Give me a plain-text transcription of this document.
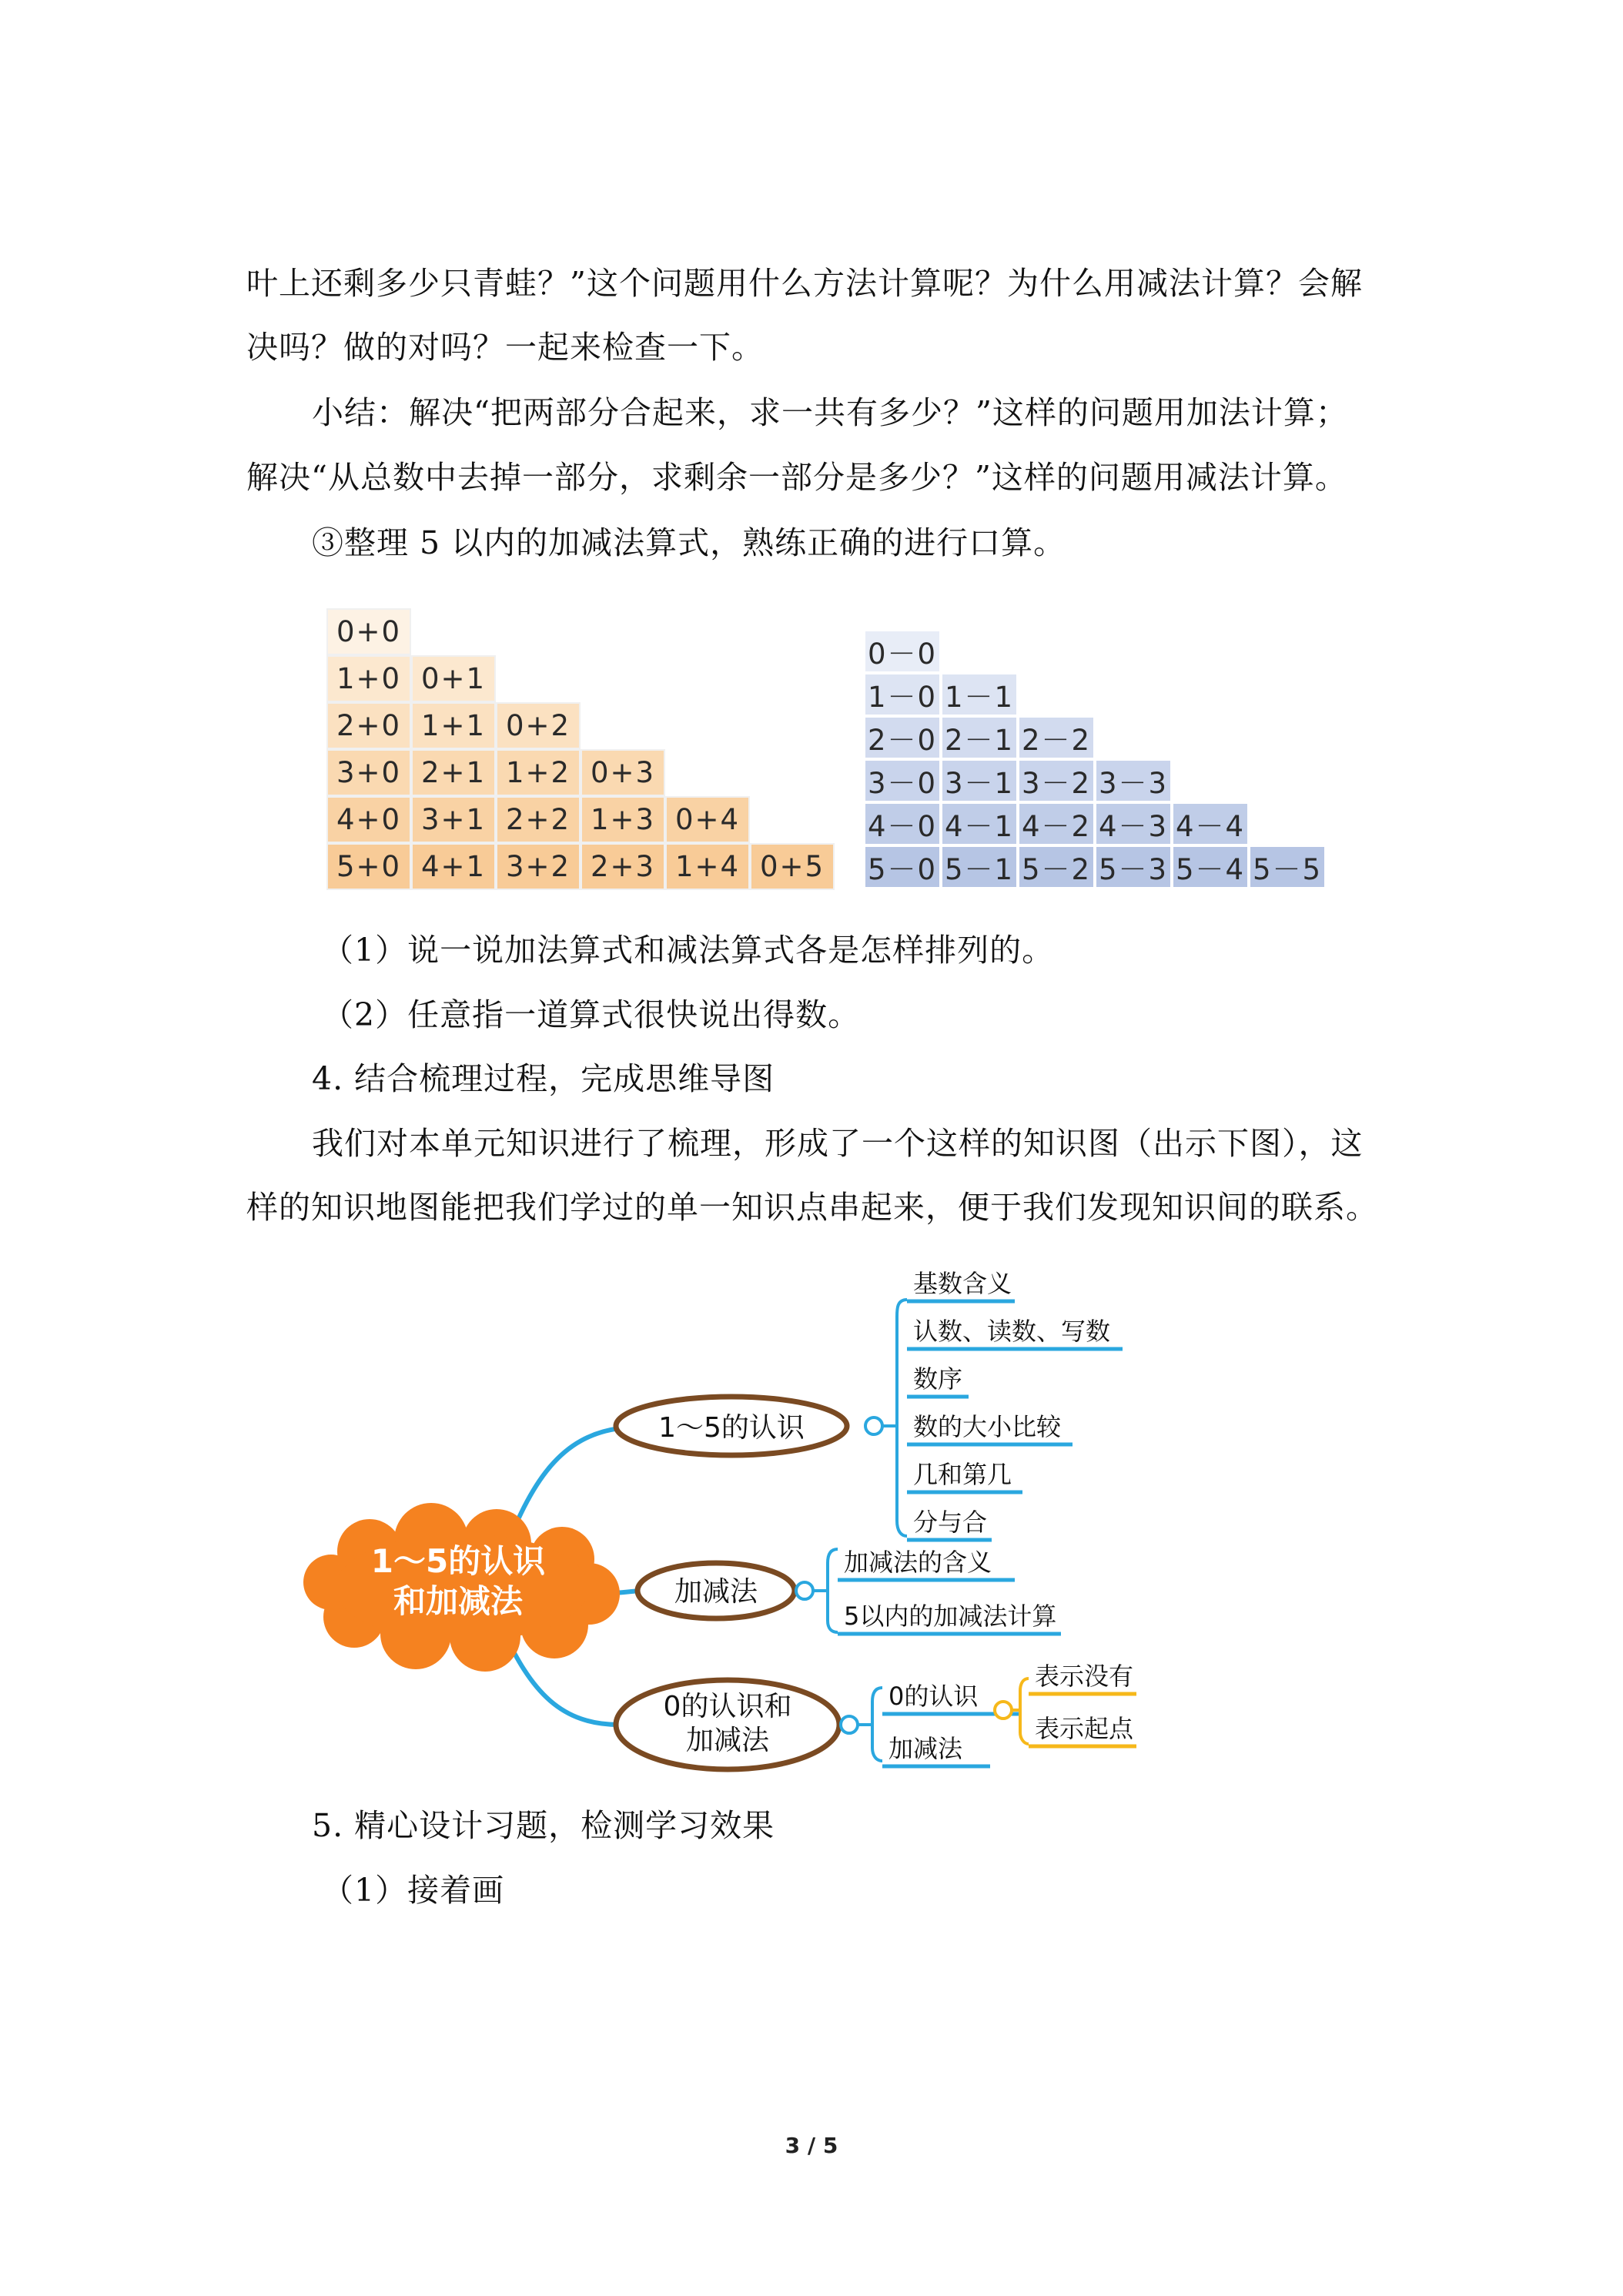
叶上还剩多少只青蛙？”这个问题用什么方法计算呢？为什么用减法计算？会解
决吗？做的对吗？一起来检查一下。
小结：解决“把两部分合起来，求一共有多少？”这样的问题用加法计算；
解决“从总数中去掉一部分，求剩余一部分是多少？”这样的问题用减法计算。
③整理 5 以内的加减法算式，熟练正确的进行口算。
0+0
1+0 0+1
2+0 1+1 0+2
3+0 2+1 1+2 0+3
4+0 3+1 2+2 1+3 0+4
5+0 4+1 3+2 2+3 1+4 0+5
0－0
1－0 1－1
2－0 2－1 2－2
3－0 3－1 3－2 3－3
4－0 4－1 4－2 4－3 4－4
5－0 5－1 5－2 5－3 5－4 5－5
（1）说一说加法算式和减法算式各是怎样排列的。
（2）任意指一道算式很快说出得数。
4. 结合梳理过程，完成思维导图
我们对本单元知识进行了梳理，形成了一个这样的知识图（出示下图），这
样的知识地图能把我们学过的单一知识点串起来，便于我们发现知识间的联系。
1～5的认识
和加减法
1～5的认识
基数含义
认数、读数、写数
数序
数的大小比较
几和第几
分与合
加减法
加减法的含义
5以内的加减法计算
0的认识和
加减法
0的认识
加减法
表示没有
表示起点
5. 精心设计习题，检测学习效果
（1）接着画
3 / 5
